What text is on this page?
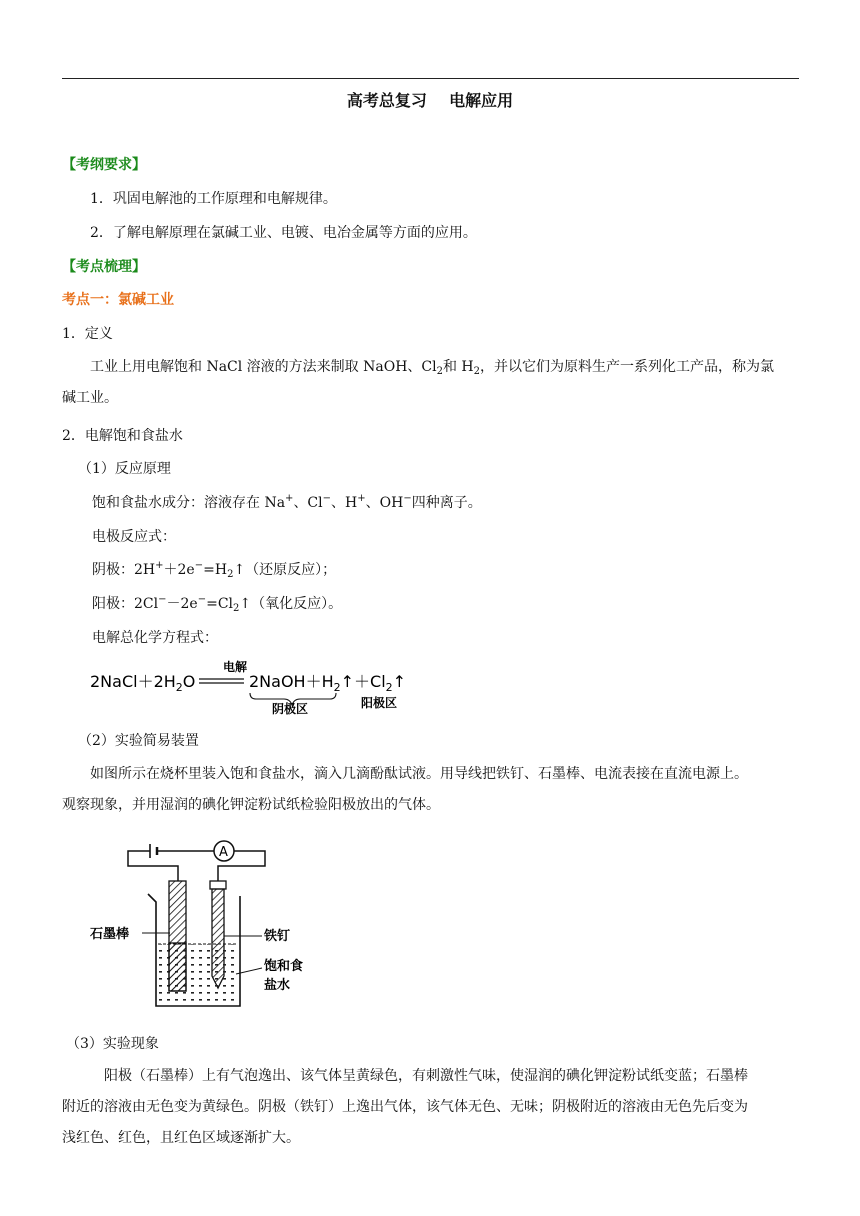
高考总复习 电解应用
【考纲要求】
1．巩固电解池的工作原理和电解规律。
2．了解电解原理在氯碱工业、电镀、电冶金属等方面的应用。
【考点梳理】
考点一：氯碱工业
1．定义
工业上用电解饱和 NaCl 溶液的方法来制取 NaOH、$Cl_2$和 $H_2$，并以它们为原料生产一系列化工产品，称为氯
碱工业。
2．电解饱和食盐水
（1）反应原理
饱和食盐水成分：溶液存在 Na+、Cl−、H+、OH−四种离子。
电极反应式：
阴极：$2H^++2e^-=H_2↑$（还原反应）；
阳极：$2Cl^--2e^-=Cl_2↑$（氧化反应）。
电解总化学方程式：
$2NaCl+2H_2O$
电解
$2NaOH+H_2↑+Cl_2↑$
阴极区	阳极区
（2）实验简易装置
如图所示在烧杯里装入饱和食盐水，滴入几滴酚酞试液。用导线把铁钉、石墨棒、电流表接在直流电源上。
观察现象，并用湿润的碘化钾淀粉试纸检验阳极放出的气体。
A
石墨棒	铁钉
饱和食
盐水
（3）实验现象
阳极（石墨棒）上有气泡逸出、该气体呈黄绿色，有刺激性气味，使湿润的碘化钾淀粉试纸变蓝；石墨棒
附近的溶液由无色变为黄绿色。阴极（铁钉）上逸出气体，该气体无色、无味；阴极附近的溶液由无色先后变为
浅红色、红色，且红色区域逐渐扩大。
